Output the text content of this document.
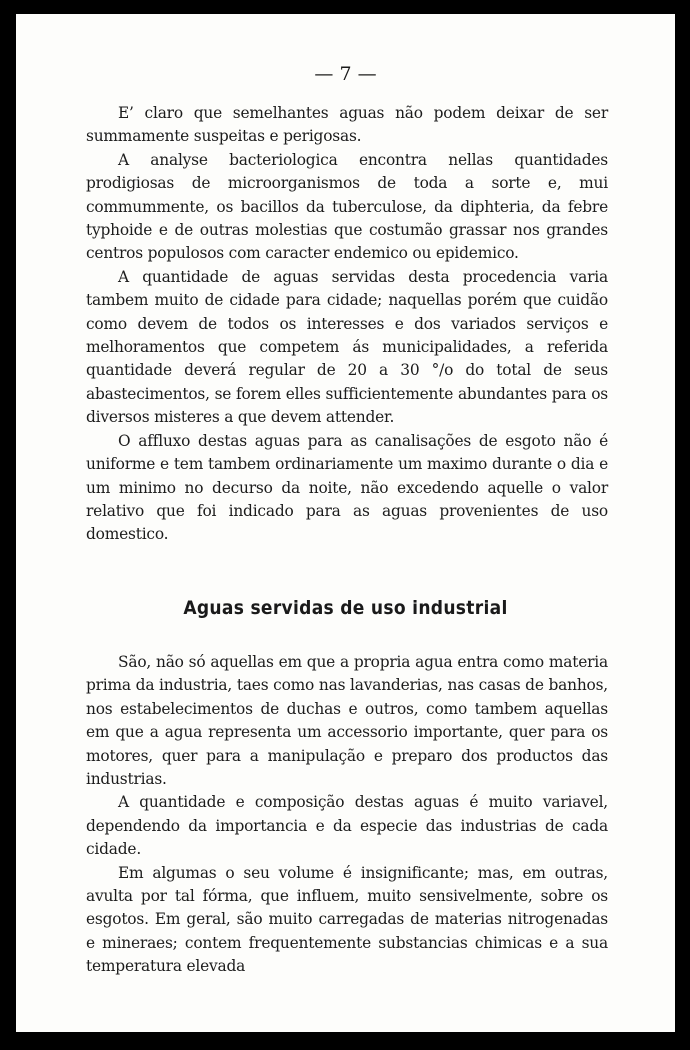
— 7 —

E’ claro que semelhantes aguas não podem deixar de ser summamente suspeitas e perigosas.

A analyse bacteriologica encontra nellas quantidades prodigiosas de microorganismos de toda a sorte e, mui commummente, os bacillos da tuberculose, da diphteria, da febre typhoide e de outras molestias que costumão grassar nos grandes centros populosos com caracter endemico ou epidemico.

A quantidade de aguas servidas desta procedencia varia tambem muito de cidade para cidade; naquellas porém que cuidão como devem de todos os interesses e dos variados serviços e melhoramentos que competem ás municipalidades, a referida quantidade deverá regular de 20 a 30 °/o do total de seus abastecimentos, se forem elles sufficientemente abundantes para os diversos misteres a que devem attender.

O affluxo destas aguas para as canalisações de esgoto não é uniforme e tem tambem ordinariamente um maximo durante o dia e um minimo no decurso da noite, não excedendo aquelle o valor relativo que foi indicado para as aguas provenientes de uso domestico.

Aguas servidas de uso industrial

São, não só aquellas em que a propria agua entra como materia prima da industria, taes como nas lavanderias, nas casas de banhos, nos estabelecimentos de duchas e outros, como tambem aquellas em que a agua representa um accessorio importante, quer para os motores, quer para a manipulação e preparo dos productos das industrias.

A quantidade e composição destas aguas é muito variavel, dependendo da importancia e da especie das industrias de cada cidade.

Em algumas o seu volume é insignificante; mas, em outras, avulta por tal fórma, que influem, muito sensivelmente, sobre os esgotos. Em geral, são muito carregadas de materias nitrogenadas e mineraes; contem frequentemente substancias chimicas e a sua temperatura elevada
